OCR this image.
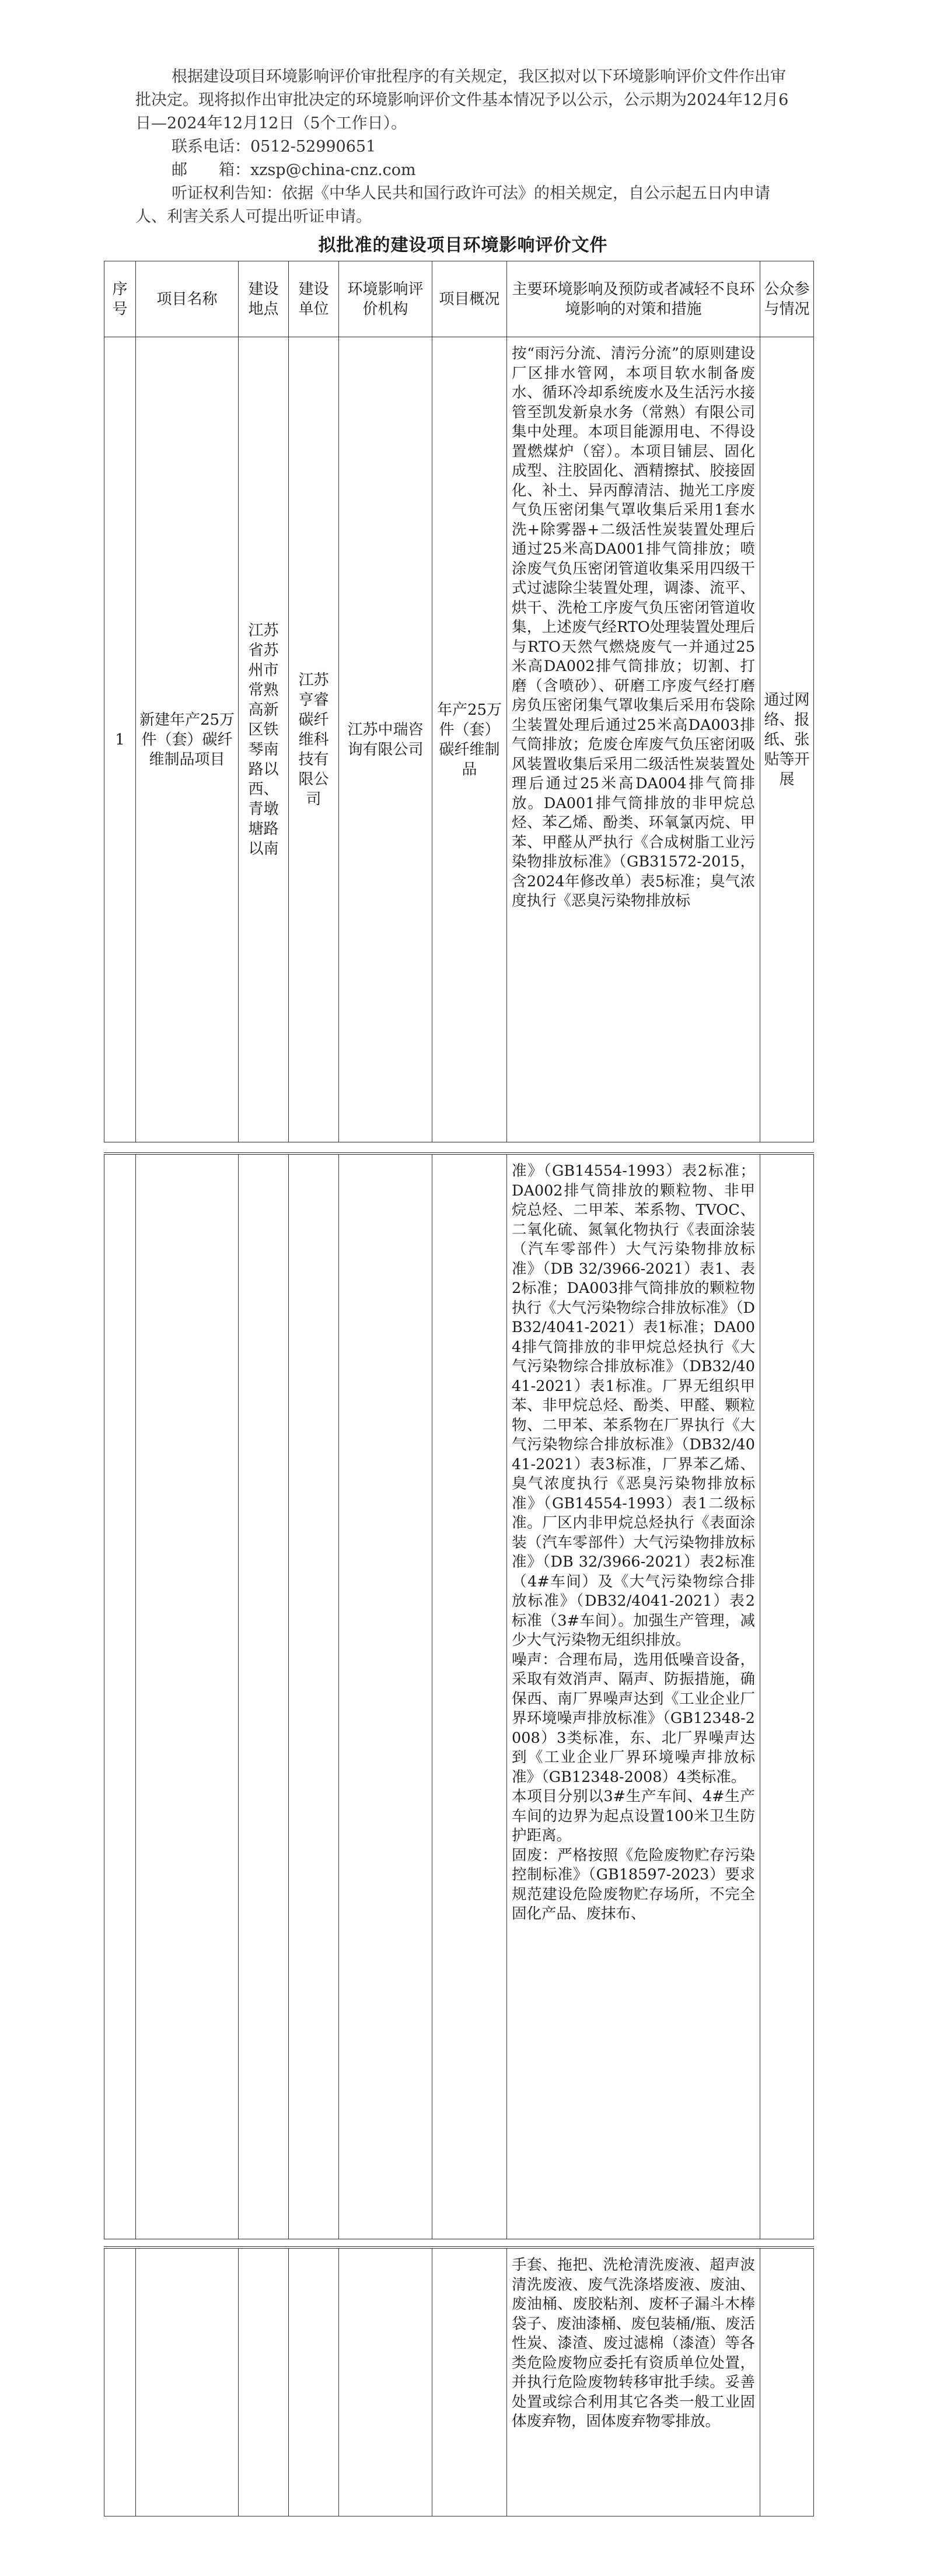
根据建设项目环境影响评价审批程序的有关规定，我区拟对以下环境影响评价文件作出审批决定。现将拟作出审批决定的环境影响评价文件基本情况予以公示，公示期为2024年12月6日—2024年12月12日（5个工作日）。

联系电话：0512-52990651

邮　　箱：xzsp@china-cnz.com

听证权利告知：依据《中华人民共和国行政许可法》的相关规定，自公示起五日内申请人、利害关系人可提出听证申请。

拟批准的建设项目环境影响评价文件
序号	项目名称	建设地点	建设单位	环境影响评价机构	项目概况	主要环境影响及预防或者减轻不良环境影响的对策和措施	公众参与情况
1	新建年产25万件（套）碳纤维制品项目	江苏省苏州市常熟高新区铁琴南路以西、青墩塘路以南	江苏亨睿碳纤维科技有限公司	江苏中瑞咨询有限公司	年产25万件（套）碳纤维制品	按“雨污分流、清污分流”的原则建设厂区排水管网，本项目软水制备废水、循环冷却系统废水及生活污水接管至凯发新泉水务（常熟）有限公司集中处理。本项目能源用电、不得设置燃煤炉（窑）。本项目铺层、固化成型、注胶固化、酒精擦拭、胶接固化、补土、异丙醇清洁、抛光工序废气负压密闭集气罩收集后采用1套水洗+除雾器+二级活性炭装置处理后通过25米高DA001排气筒排放；喷涂废气负压密闭管道收集采用四级干式过滤除尘装置处理，调漆、流平、烘干、洗枪工序废气负压密闭管道收集，上述废气经RTO处理装置处理后与RTO天然气燃烧废气一并通过25米高DA002排气筒排放；切割、打磨（含喷砂）、研磨工序废气经打磨房负压密闭集气罩收集后采用布袋除尘装置处理后通过25米高DA003排气筒排放；危废仓库废气负压密闭吸风装置收集后采用二级活性炭装置处理后通过25米高DA004排气筒排放。DA001排气筒排放的非甲烷总烃、苯乙烯、酚类、环氧氯丙烷、甲苯、甲醛从严执行《合成树脂工业污染物排放标准》（GB31572-2015，含2024年修改单）表5标准；臭气浓度执行《恶臭污染物排放标	通过网络、报纸、张贴等开展

准》（GB14554-1993）表2标准；DA002排气筒排放的颗粒物、非甲烷总烃、二甲苯、苯系物、TVOC、二氧化硫、氮氧化物执行《表面涂装（汽车零部件）大气污染物排放标准》（DB 32/3966-2021）表1、表2标准；DA003排气筒排放的颗粒物执行《大气污染物综合排放标准》（DB32/4041-2021）表1标准；DA004排气筒排放的非甲烷总烃执行《大气污染物综合排放标准》（DB32/4041-2021）表1标准。厂界无组织甲苯、非甲烷总烃、酚类、甲醛、颗粒物、二甲苯、苯系物在厂界执行《大气污染物综合排放标准》（DB32/4041-2021）表3标准，厂界苯乙烯、臭气浓度执行《恶臭污染物排放标准》（GB14554-1993）表1二级标准。厂区内非甲烷总烃执行《表面涂装（汽车零部件）大气污染物排放标准》（DB 32/3966-2021）表2标准（4#车间）及《大气污染物综合排放标准》（DB32/4041-2021）表2标准（3#车间）。加强生产管理，减少大气污染物无组织排放。

噪声：合理布局，选用低噪音设备，采取有效消声、隔声、防振措施，确保西、南厂界噪声达到《工业企业厂界环境噪声排放标准》（GB12348-2008）3类标准，东、北厂界噪声达到《工业企业厂界环境噪声排放标准》（GB12348-2008）4类标准。

本项目分别以3#生产车间、4#生产车间的边界为起点设置100米卫生防护距离。

固废：严格按照《危险废物贮存污染控制标准》（GB18597-2023）要求规范建设危险废物贮存场所，不完全固化产品、废抹布、

						手套、拖把、洗枪清洗废液、超声波清洗废液、废气洗涤塔废液、废油、废油桶、废胶粘剂、废杯子漏斗木棒袋子、废油漆桶、废包装桶/瓶、废活性炭、漆渣、废过滤棉（漆渣）等各类危险废物应委托有资质单位处置，并执行危险废物转移审批手续。妥善处置或综合利用其它各类一般工业固体废弃物，固体废弃物零排放。	
